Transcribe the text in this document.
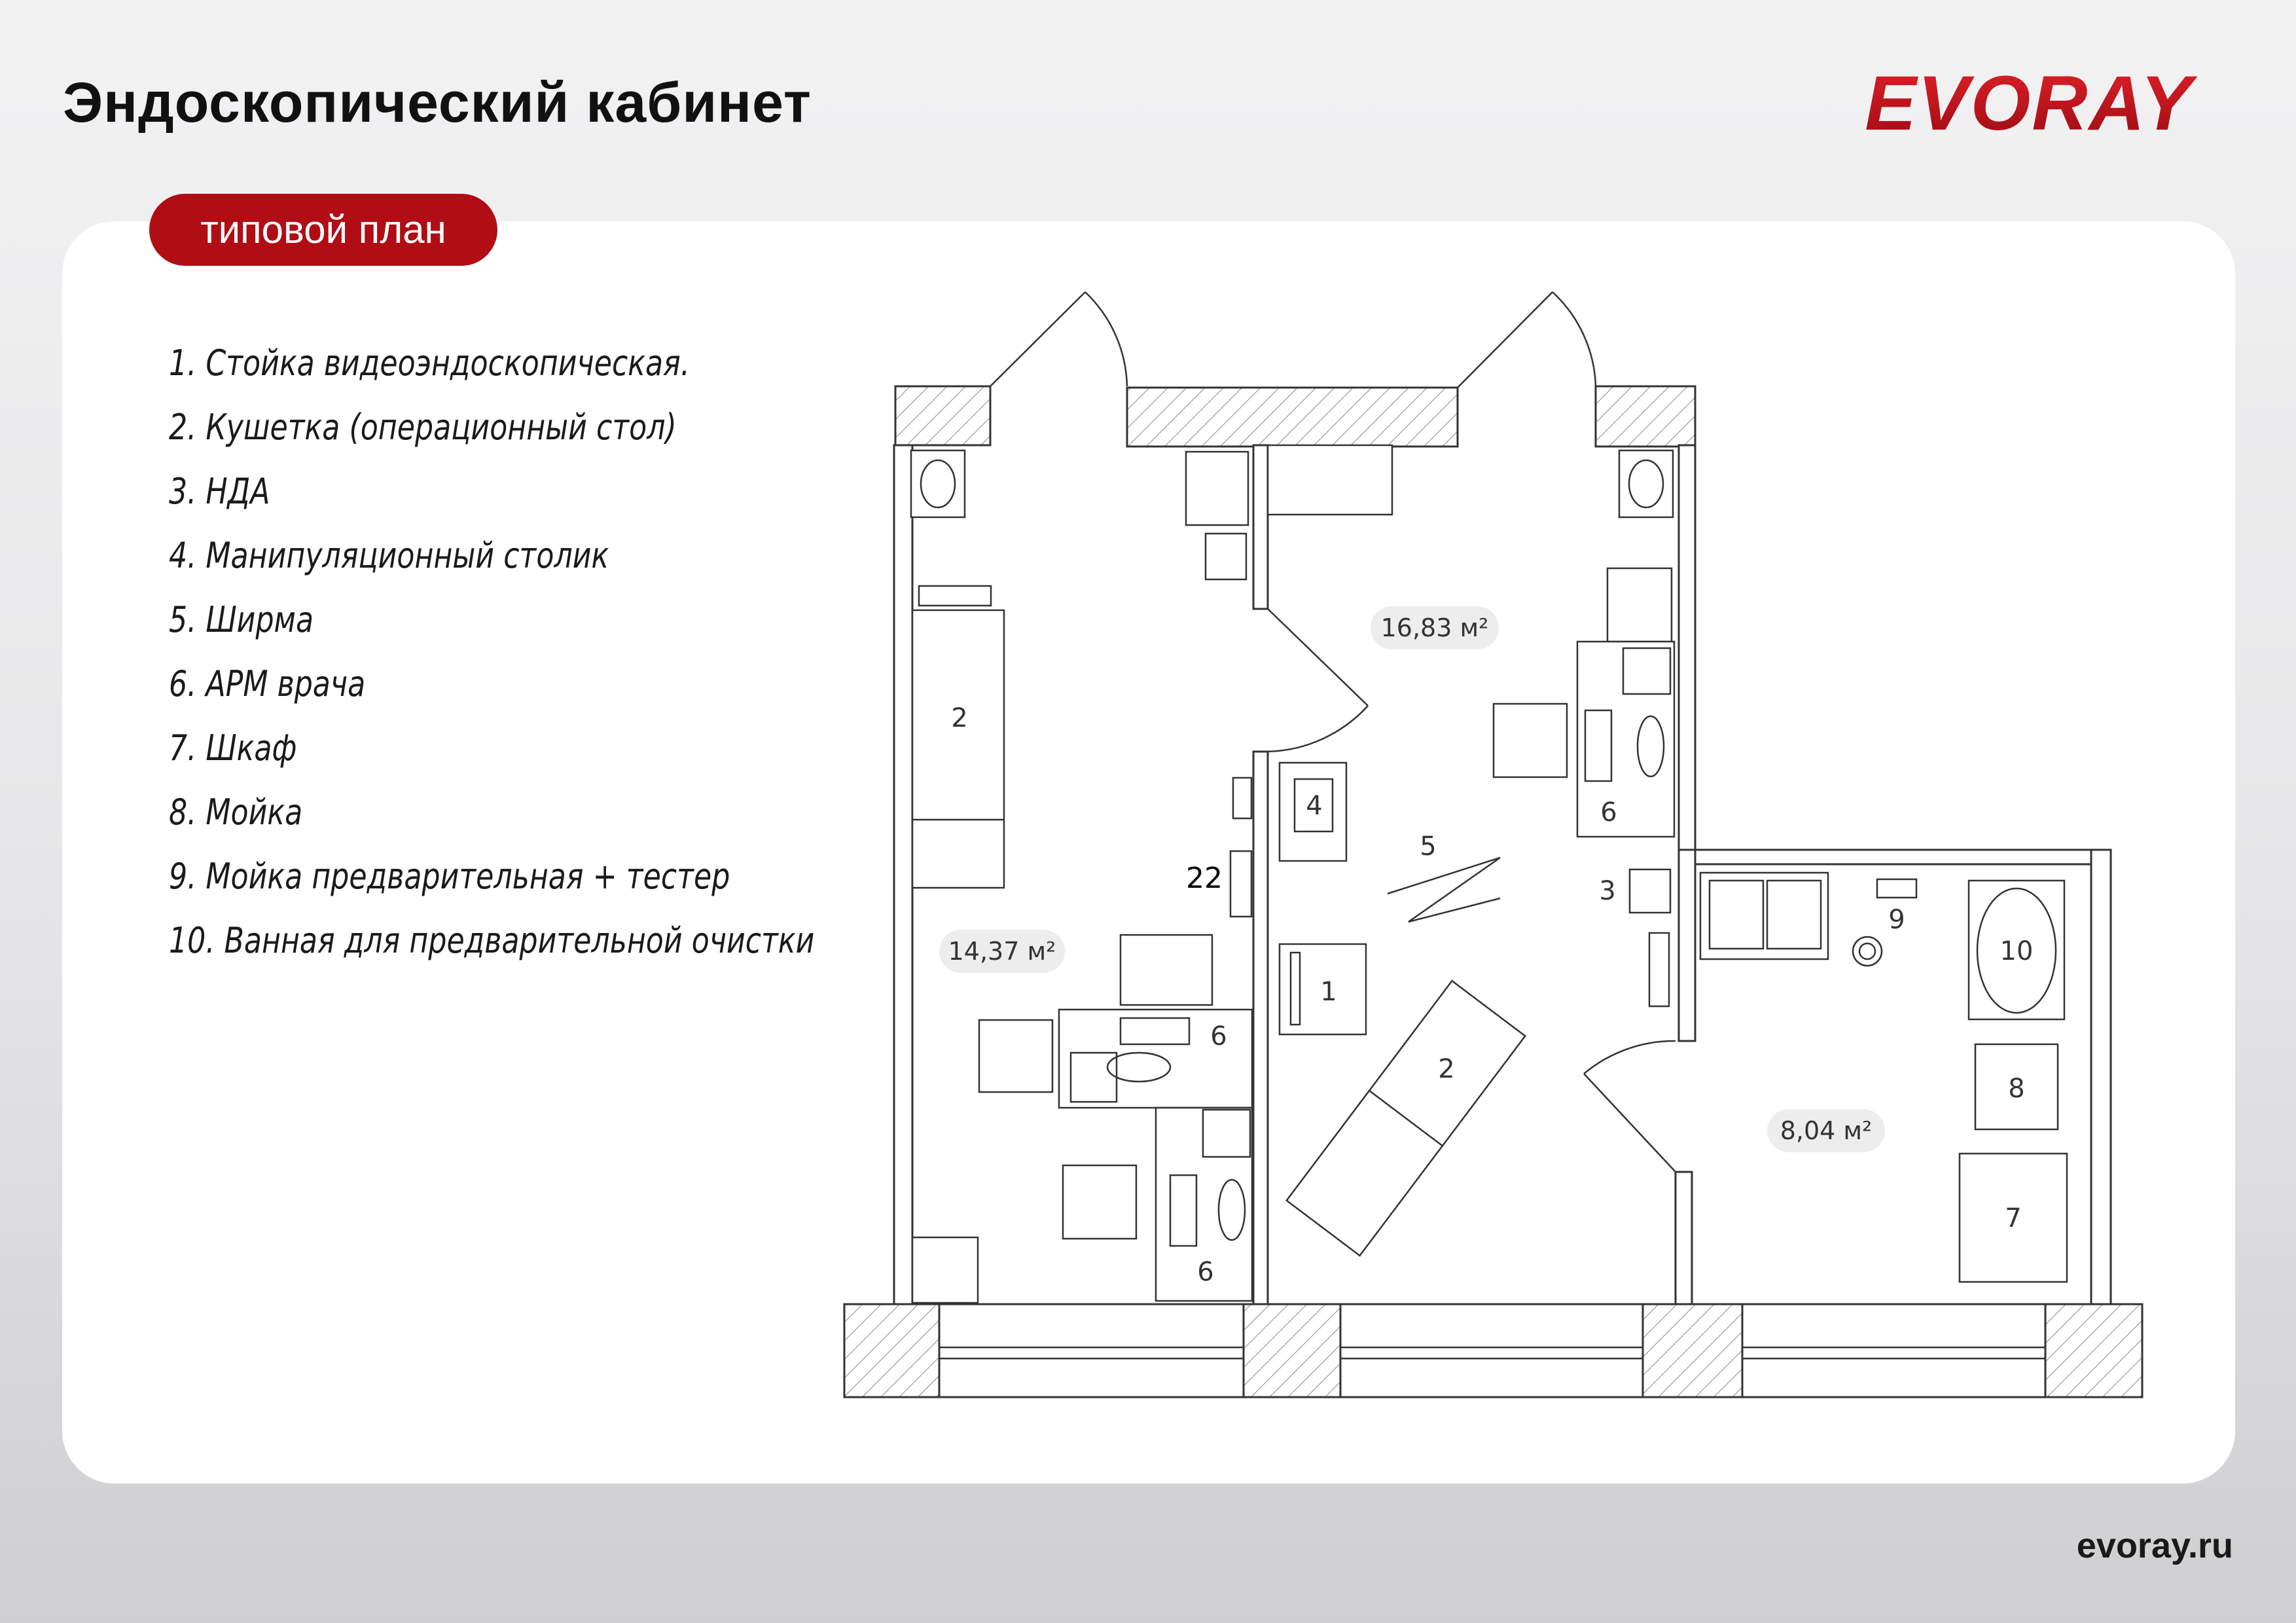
Эндоскопический кабинет	EVORAY
типовой план
1. Стойка видеоэндоскопическая.
2. Кушетка (операционный стол)
3. НДА
4. Манипуляционный столик
5. Ширма
6. АРМ врача
7. Шкаф
8. Мойка
9. Мойка предварительная + тестер
10. Ванная для предварительной очистки	14,37 м²
16,83 м²
8,04 м²
2
6
6
22
4
5
1
2
3
6
9
10
8
7
evoray.ru
